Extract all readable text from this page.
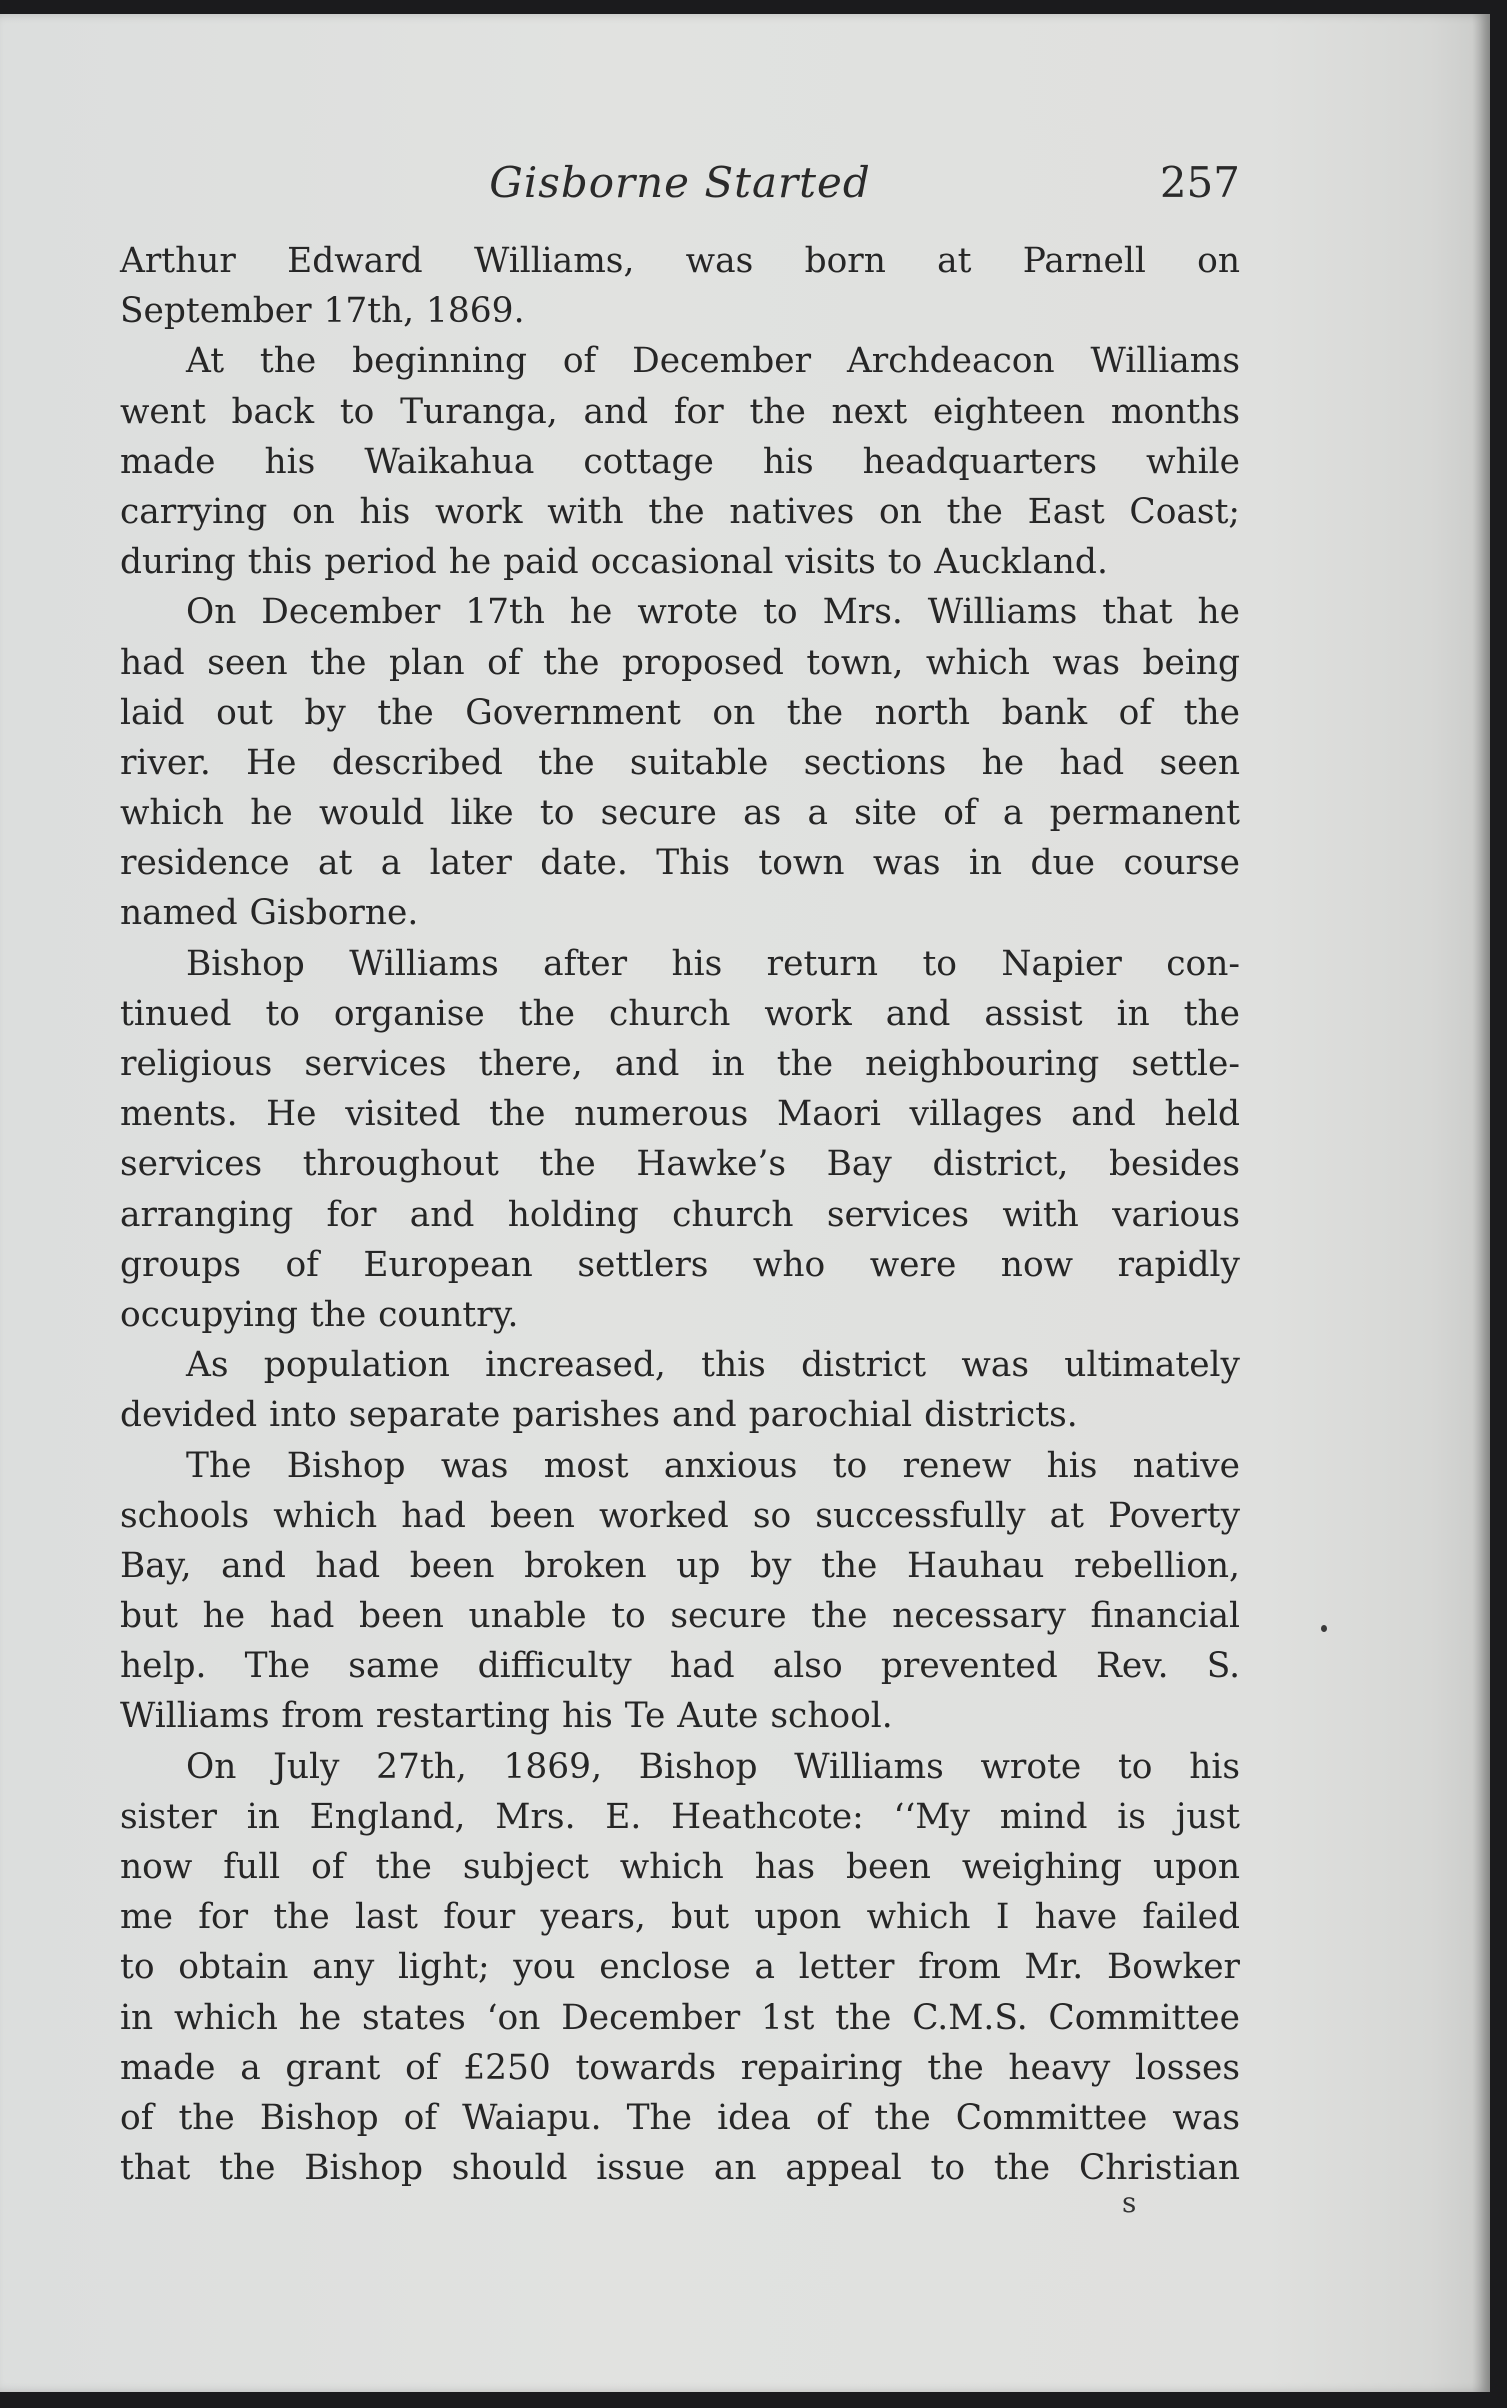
Gisborne Started	257
Arthur Edward Williams, was born at Parnell on
September 17th, 1869.
At the beginning of December Archdeacon Williams
went back to Turanga, and for the next eighteen months
made his Waikahua cottage his headquarters while
carrying on his work with the natives on the East Coast;
during this period he paid occasional visits to Auckland.
On December 17th he wrote to Mrs. Williams that he
had seen the plan of the proposed town, which was being
laid out by the Government on the north bank of the
river. He described the suitable sections he had seen
which he would like to secure as a site of a permanent
residence at a later date. This town was in due course
named Gisborne.
Bishop Williams after his return to Napier con-
tinued to organise the church work and assist in the
religious services there, and in the neighbouring settle-
ments. He visited the numerous Maori villages and held
services throughout the Hawke’s Bay district, besides
arranging for and holding church services with various
groups of European settlers who were now rapidly
occupying the country.
As population increased, this district was ultimately
devided into separate parishes and parochial districts.
The Bishop was most anxious to renew his native
schools which had been worked so successfully at Poverty
Bay, and had been broken up by the Hauhau rebellion,
but he had been unable to secure the necessary financial
help. The same difficulty had also prevented Rev. S.
Williams from restarting his Te Aute school.
On July 27th, 1869, Bishop Williams wrote to his
sister in England, Mrs. E. Heathcote: ‘‘My mind is just
now full of the subject which has been weighing upon
me for the last four years, but upon which I have failed
to obtain any light; you enclose a letter from Mr. Bowker
in which he states ‘on December 1st the C.M.S. Committee
made a grant of £250 towards repairing the heavy losses
of the Bishop of Waiapu. The idea of the Committee was
that the Bishop should issue an appeal to the Christian
s
